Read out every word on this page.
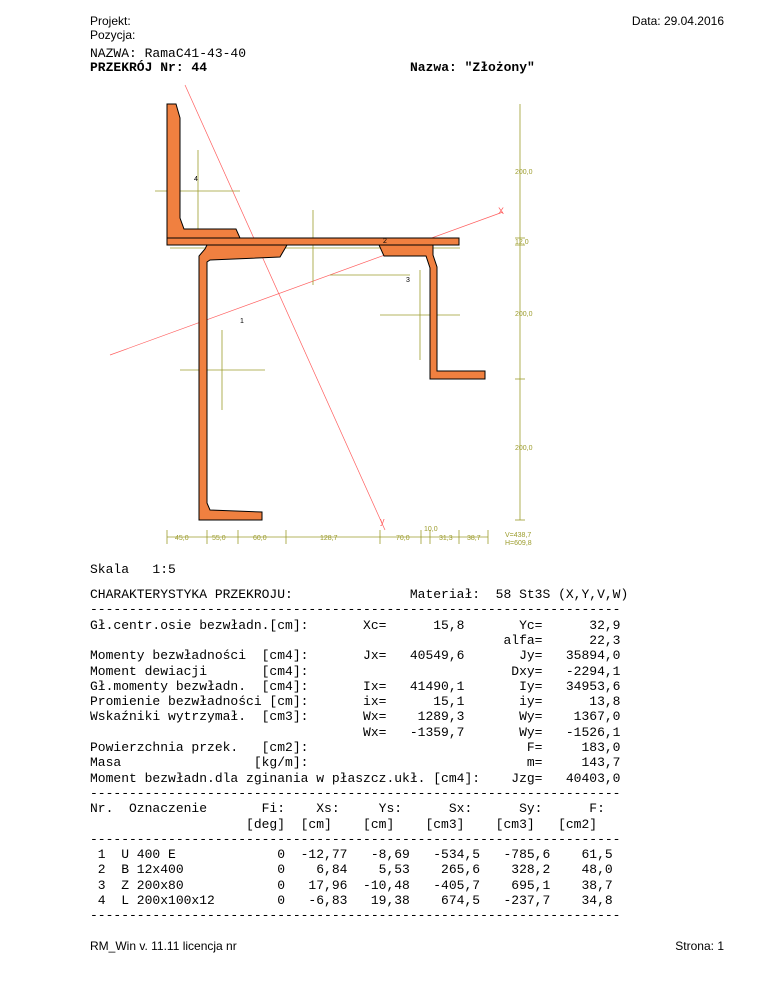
Projekt:
Pozycja:
Data: 29.04.2016
NAZWA: RamaC41-43-40
PRZEKRÓJ Nr: 44	Nazwa: "Złożony"
X
y
1
2
3
4
200,0
12,0
200,0
200,0
45,0	55,0	60,0	128,7	70,0	31,3 38,7
10,0
V=438,7
H=609,8
Skala   1:5
CHARAKTERYSTYKA PRZEKROJU:               Materiał:  58 St3S (X,Y,V,W)
--------------------------------------------------------------------
Gł.centr.osie bezwładn.[cm]:       Xc=      15,8       Yc=      32,9
alfa=      22,3
Momenty bezwładności  [cm4]:       Jx=   40549,6       Jy=   35894,0
Moment dewiacji       [cm4]:                          Dxy=   -2294,1
Gł.momenty bezwładn.  [cm4]:       Ix=   41490,1       Iy=   34953,6
Promienie bezwładności [cm]:       ix=      15,1       iy=      13,8
Wskaźniki wytrzymał.  [cm3]:       Wx=    1289,3       Wy=    1367,0
Wx=   -1359,7       Wy=   -1526,1
Powierzchnia przek.   [cm2]:                            F=     183,0
Masa                 [kg/m]:                            m=     143,7
Moment bezwładn.dla zginania w płaszcz.ukł. [cm4]:    Jzg=   40403,0
--------------------------------------------------------------------
Nr.  Oznaczenie       Fi:    Xs:     Ys:      Sx:      Sy:      F:
[deg]  [cm]    [cm]    [cm3]    [cm3]   [cm2]
--------------------------------------------------------------------
1  U 400 E             0  -12,77   -8,69   -534,5   -785,6    61,5
2  B 12x400            0    6,84    5,53    265,6    328,2    48,0
3  Z 200x80            0   17,96  -10,48   -405,7    695,1    38,7
4  L 200x100x12        0   -6,83   19,38    674,5   -237,7    34,8
--------------------------------------------------------------------
RM_Win v. 11.11 licencja nr	Strona: 1
